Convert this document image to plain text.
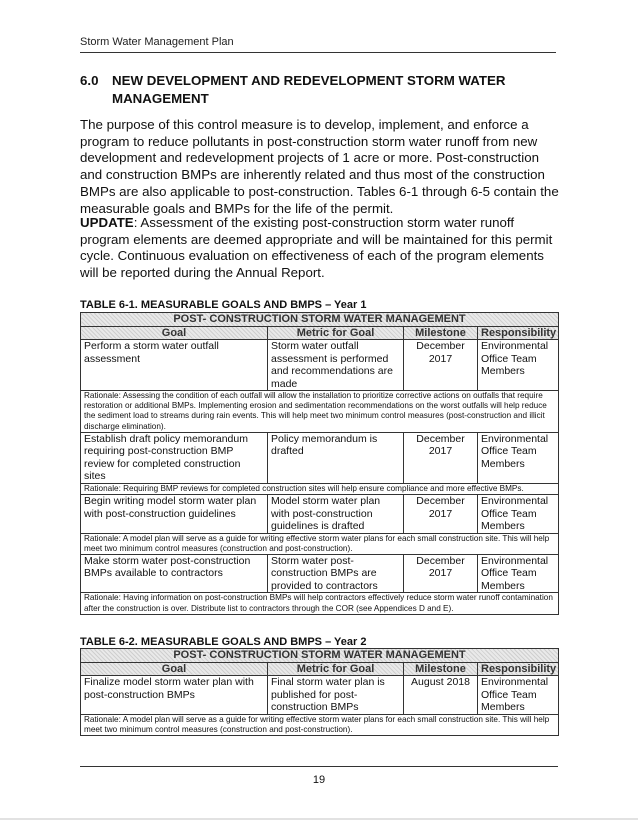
Storm Water Management Plan
6.0 NEW DEVELOPMENT AND REDEVELOPMENT STORM WATER
MANAGEMENT
The purpose of this control measure is to develop, implement, and enforce a program to reduce pollutants in post-construction storm water runoff from new development and redevelopment projects of 1 acre or more. Post-construction and construction BMPs are inherently related and thus most of the construction BMPs are also applicable to post-construction. Tables 6-1 through 6-5 contain the measurable goals and BMPs for the life of the permit.
UPDATE: Assessment of the existing post-construction storm water runoff program elements are deemed appropriate and will be maintained for this permit cycle. Continuous evaluation on effectiveness of each of the program elements will be reported during the Annual Report.
TABLE 6-1. MEASURABLE GOALS AND BMPS – Year 1
POST- CONSTRUCTION STORM WATER MANAGEMENT			
Goal	Metric for Goal	Milestone	Responsibility
Perform a storm water outfall assessment	Storm water outfall assessment is performed and recommendations are made	December 2017	Environmental Office Team Members
Rationale: Assessing the condition of each outfall will allow the installation to prioritize corrective actions on outfalls that require restoration or additional BMPs. Implementing erosion and sedimentation recommendations on the worst outfalls will help reduce the sediment load to streams during rain events. This will help meet two minimum control measures (post-construction and illicit discharge elimination).			
Establish draft policy memorandum requiring post-construction BMP review for completed construction sites	Policy memorandum is drafted	December 2017	Environmental Office Team Members
Rationale: Requiring BMP reviews for completed construction sites will help ensure compliance and more effective BMPs.			
Begin writing model storm water plan with post-construction guidelines	Model storm water plan with post-construction guidelines is drafted	December 2017	Environmental Office Team Members
Rationale: A model plan will serve as a guide for writing effective storm water plans for each small construction site. This will help meet two minimum control measures (construction and post-construction).			
Make storm water post-construction BMPs available to contractors	Storm water post-construction BMPs are provided to contractors	December 2017	Environmental Office Team Members
Rationale: Having information on post-construction BMPs will help contractors effectively reduce storm water runoff contamination after the construction is over. Distribute list to contractors through the COR (see Appendices D and E).			
TABLE 6-2. MEASURABLE GOALS AND BMPS – Year 2
POST- CONSTRUCTION STORM WATER MANAGEMENT			
Goal	Metric for Goal	Milestone	Responsibility
Finalize model storm water plan with post-construction BMPs	Final storm water plan is published for post-construction BMPs	August 2018	Environmental Office Team Members
Rationale: A model plan will serve as a guide for writing effective storm water plans for each small construction site. This will help meet two minimum control measures (construction and post-construction).			
19
